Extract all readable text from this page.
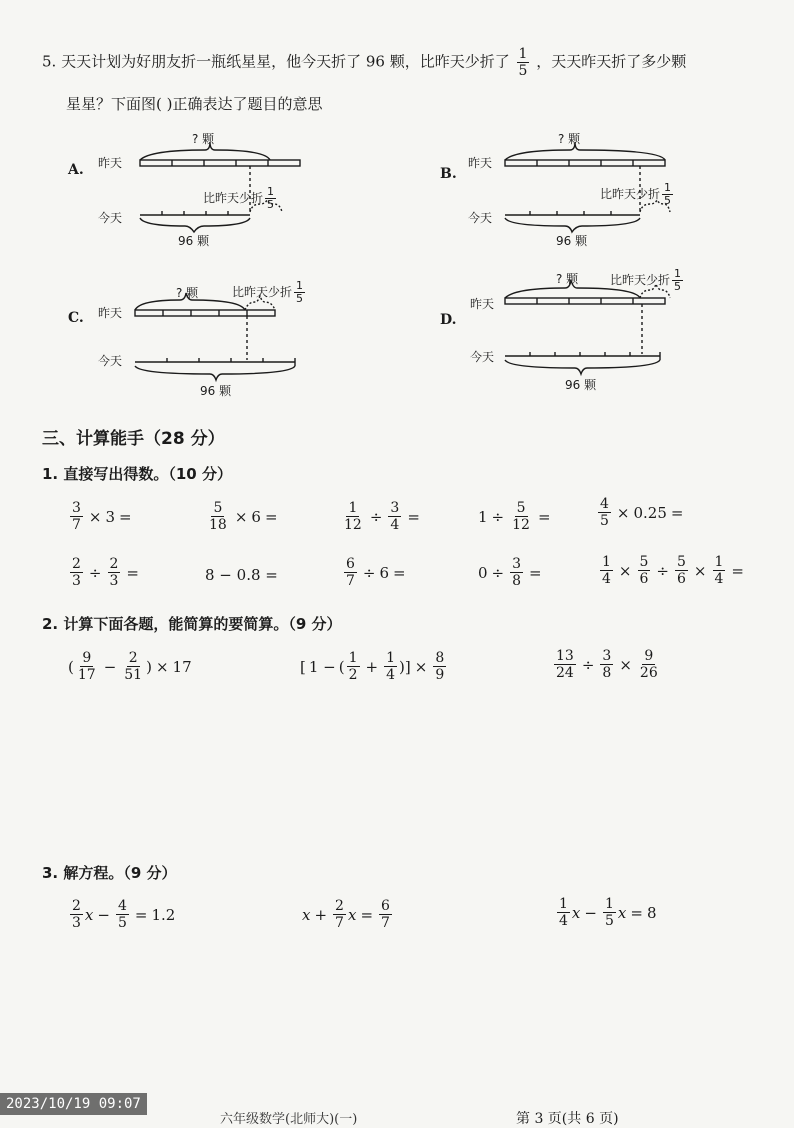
5. 天天计划为好朋友折一瓶纸星星，他今天折了 96 颗，比昨天少折了 $\frac{1}{5}$ ，天天昨天折了多少颗
星星？下面图( )正确表达了题目的意思
A. 昨天
今天
? 颗
比昨天少折 $\frac{1}{5}$
96 颗
B.
昨天
今天
? 颗
比昨天少折 $\frac{1}{5}$
96 颗
C. 昨天
今天
? 颗	比昨天少折 $\frac{1}{5}$
96 颗
D.
昨天
今天
? 颗	比昨天少折 $\frac{1}{5}$
96 颗
三、计算能手（28 分）
1. 直接写出得数。（10 分）
$\frac{3}{7} \times 3$ =	$\frac{5}{18} \times 6$ =	$\frac{1}{12} \div \frac{3}{4}$ =	$1 \div \frac{5}{12}$ =	$\frac{4}{5} \times 0.25$ =
$\frac{2}{3} \div \frac{2}{3}$ =	8 − 0.8 =	$\frac{6}{7} \div 6$ =	$0 \div \frac{3}{8}$ =	$\frac{1}{4} \times \frac{5}{6} \div \frac{5}{6} \times \frac{1}{4}$ =
2. 计算下面各题，能简算的要简算。（9 分）
( $\frac{9}{17} - \frac{2}{51}$ ) × 17	[ 1 − ( $\frac{1}{2} + \frac{1}{4}$ ) ] × $\frac{8}{9}$	$\frac{13}{24} \div \frac{3}{8} \times \frac{9}{26}$
3. 解方程。（9 分）
$\frac{2}{3}$ $x - \frac{4}{5} = 1.2$	$x + \frac{2}{7}$ $x = \frac{6}{7}$	$\frac{1}{4}$ $x - \frac{1}{5}$ x = 8
六年级数学(北师大)(一)	第 3 页(共 6 页)
2023/10/19 09:07
